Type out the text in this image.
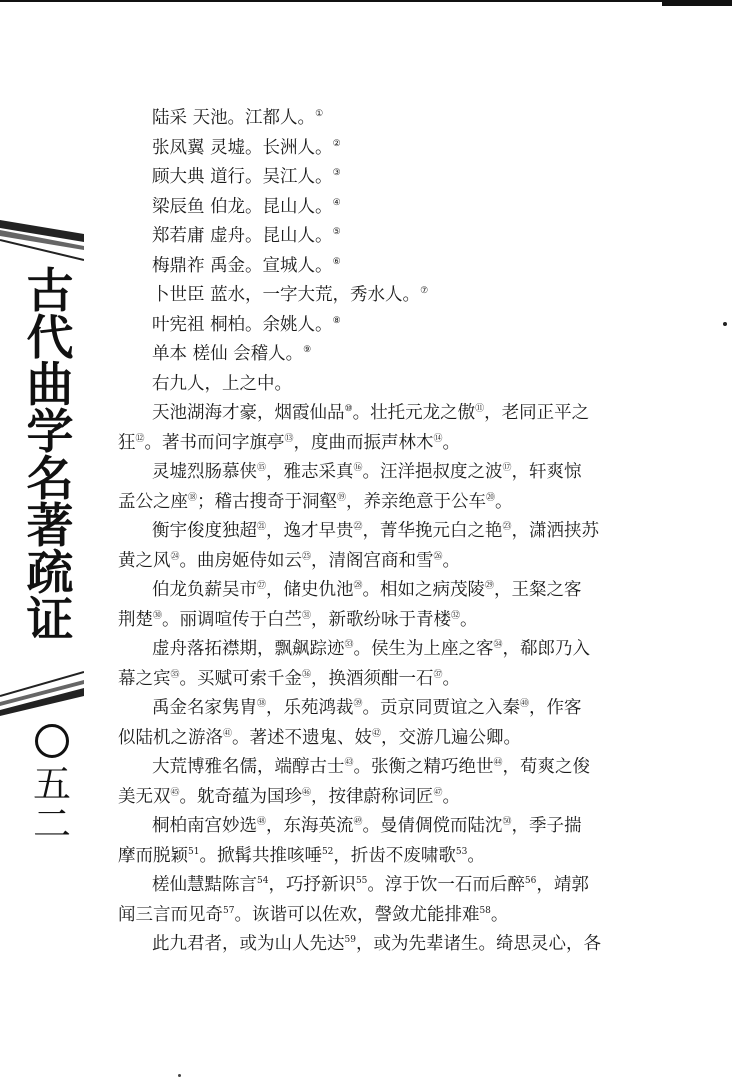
古
代
曲
学
名
著
疏
证
五
二
陆采 天池。江都人。①
张凤翼 灵墟。长洲人。②
顾大典 道行。吴江人。③
梁辰鱼 伯龙。昆山人。④
郑若庸 虚舟。昆山人。⑤
梅鼎祚 禹金。宣城人。⑥
卜世臣 蓝水，一字大荒，秀水人。⑦
叶宪祖 桐柏。余姚人。⑧
单本 槎仙 会稽人。⑨
右九人，上之中。
天池湖海才豪，烟霞仙品⑩。壮托元龙之傲⑪，老同正平之
狂⑫。著书而问字旗亭⑬，度曲而振声林木⑭。
灵墟烈肠慕侠⑮，雅志采真⑯。汪洋挹叔度之波⑰，轩爽惊
孟公之座⑱；稽古搜奇于洞壑⑲，养亲绝意于公车⑳。
衡宇俊度独超$^㉑$，逸才早贵$^㉒$，菁华挽元白之艳$^㉓$，潇洒挟苏
黄之风$^㉔$。曲房姬侍如云$^㉕$，清阁宫商和雪$^㉖$。
伯龙负薪吴市$^㉗$，储史仇池$^㉘$。相如之病茂陵$^㉙$，王粲之客
荆楚$^㉚$。丽调喧传于白苎$^㉛$，新歌纷咏于青楼$^㉜$。
虚舟落拓襟期，飘飙踪迹$^㉝$。侯生为上座之客$^㉞$，郗郎乃入
幕之宾$^㉟$。买赋可索千金$^㊱$，换酒须酣一石$^㊲$。
禹金名家隽胄$^㊳$，乐苑鸿裁$^㊴$。贡京同贾谊之入秦$^㊵$，作客
似陆机之游洛$^㊶$。著述不遗鬼、妓$^㊷$，交游几遍公卿。
大荒博雅名儒，端醇古士$^㊸$。张衡之精巧绝世$^㊹$，荀爽之俊
美无双$^㊺$。躭奇蕴为国珍$^㊻$，按律蔚称词匠$^㊼$。
桐柏南宫妙选$^㊽$，东海英流$^㊾$。曼倩倜傥而陆沈$^㊿$，季子揣
摩而脱颖$^{51}$。掀髯共推咳唾$^{52}$，折齿不废啸歌$^{53}$。
槎仙慧黠陈言$^{54}$，巧抒新识$^{55}$。淳于饮一石而后醉$^{56}$，靖郭
闻三言而见奇$^{57}$。诙谐可以佐欢，謦敛尤能排难$^{58}$。
此九君者，或为山人先达$^{59}$，或为先辈诸生。绮思灵心，各
